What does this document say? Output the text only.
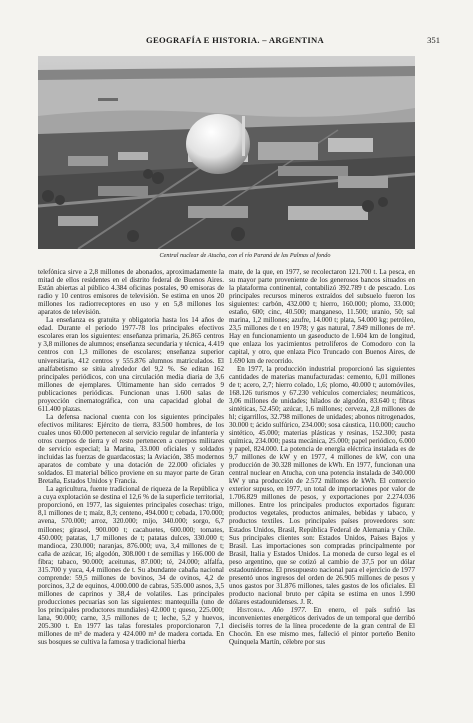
GEOGRAFÍA E HISTORIA. – ARGENTINA	351
Central nuclear de Atucha, con el río Paraná de las Palmas al fondo

telefónica sirve a 2,8 millones de abonados, aproximadamente la mitad de ellos residentes en el distrito federal de Buenos Aires. Están abiertas al público 4.384 oficinas postales, 90 emisoras de radio y 10 centros emisores de televisión. Se estima en unos 20 millones los radiorreceptores en uso y en 5,8 millones los aparatos de televisión.

La enseñanza es gratuita y obligatoria hasta los 14 años de edad. Durante el período 1977-78 los principales efectivos escolares eran los siguientes: enseñanza primaria, 26.865 centros y 3,8 millones de alumnos; enseñanza secundaria y técnica, 4.419 centros con 1,3 millones de escolares; enseñanza superior universitaria, 412 centros y 555.876 alumnos matriculados. El analfabetismo se sitúa alrededor del 9,2 %. Se editan 162 principales periódicos, con una circulación media diaria de 3,6 millones de ejemplares. Últimamente han sido cerrados 9 publicaciones periódicas. Funcionan unas 1.600 salas de proyección cinematográfica, con una capacidad global de 611.400 plazas.

La defensa nacional cuenta con los siguientes principales efectivos militares: Ejército de tierra, 83.500 hombres, de los cuales unos 60.000 pertenecen al servicio regular de infantería y otros cuerpos de tierra y el resto pertenecen a cuerpos militares de servicio especial; la Marina, 33.000 oficiales y soldados incluidas las fuerzas de guardacostas; la Aviación, 385 modernos aparatos de combate y una dotación de 22.000 oficiales y soldados. El material bélico proviene en su mayor parte de Gran Bretaña, Estados Unidos y Francia.

La agricultura, fuente tradicional de riqueza de la República y a cuya explotación se destina el 12,6 % de la superficie territorial, proporcionó, en 1977, las siguientes principales cosechas: trigo, 8,1 millones de t; maíz, 8,3; centeno, 494.000 t; cebada, 170.000; avena, 570.000; arroz, 320.000; mijo, 340.000; sorgo, 6,7 millones; girasol, 900.000 t; cacahuetes, 600.000; tomates, 450.000; patatas, 1,7 millones de t; patatas dulces, 330.000 t; mandioca, 230.000; naranjas, 876.000; uva, 3,4 millones de t; caña de azúcar, 16; algodón, 308.000 t de semillas y 166.000 de fibra; tabaco, 90.000; aceitunas, 87.000; té, 24.000; alfalfa, 315.700 y yuca, 4,4 millones de t. Su abundante cabaña nacional comprende: 59,5 millones de bovinos, 34 de ovinos, 4,2 de porcinos, 3,2 de equinos, 4.000.000 de cabras, 535.000 asnos, 3,5 millones de caprinos y 38,4 de volatiles. Las principales producciones pecuarias son las siguientes: mantequilla (uno de los principales productores mundiales) 42.000 t; queso, 225.000; lana, 90.000; carne, 3,5 millones de t; leche, 5,2 y huevos, 205.300 t. En 1977 las talas forestales proporcionaron 7,1 millones de m³ de madera y 424.000 m³ de madera cortada. En sus bosques se cultiva la famosa y tradicional hierba

mate, de la que, en 1977, se recolectaron 121.700 t. La pesca, en su mayor parte proveniente de los generosos bancos situados en la plataforma continental, contabilizó 392.789 t de pescado. Los principales recursos mineros extraídos del subsuelo fueron los siguientes: carbón, 432.000 t; hierro, 160.000; plomo, 33.000; estaño, 600; cinc, 40.500; manganeso, 11.500; uranio, 50; sal marina, 1,2 millones; azufre, 14.000 t; plata, 54.000 kg; petróleo, 23,5 millones de t en 1978; y gas natural, 7.849 millones de m³. Hay en funcionamiento un gaseoducto de 1.604 km de longitud, que enlaza los yacimientos petrolíferos de Comodoro con la capital, y otro, que enlaza Pico Truncado con Buenos Aires, de 1.690 km de recorrido.

En 1977, la producción industrial proporcionó las siguientes cantidades de materias manufacturadas: cemento, 6,01 millones de t; acero, 2,7; hierro colado, 1,6; plomo, 40.000 t; automóviles, 168.126 turismos y 67.230 vehículos comerciales; neumáticos, 3,06 millones de unidades; hilados de algodón, 83.640 t; fibras sintéticas, 52.450; azúcar, 1,6 millones; cerveza, 2,8 millones de hl; cigarrillos, 32.798 millones de unidades; abonos nitrogenados, 30.000 t; ácido sulfúrico, 234.000; sosa cáustica, 110.000; caucho sintético, 45.000; materias plásticas y resinas, 152.300; pasta química, 234.000; pasta mecánica, 25.000; papel periódico, 6.000 y papel, 824.000. La potencia de energía eléctrica instalada es de 9,7 millones de kW y en 1977, 4 millones de kW, con una producción de 30.328 millones de kWh. En 1977, funcionan una central nuclear en Atucha, con una potencia instalada de 340.000 kW y una producción de 2.572 millones de kWh. El comercio exterior supuso, en 1977, un total de importaciones por valor de 1.706.829 millones de pesos, y exportaciones por 2.274.036 millones. Entre los principales productos exportados figuran: productos vegetales, productos animales, bebidas y tabaco, y productos textiles. Los principales países proveedores son: Estados Unidos, Brasil, República Federal de Alemania y Chile. Sus principales clientes son: Estados Unidos, Países Bajos y Brasil. Las importaciones son compradas principalmente por Brasil, Italia y Estados Unidos. La moneda de curso legal es el peso argentino, que se cotizó al cambio de 37,5 por un dólar estadounidense. El presupuesto nacional para el ejercicio de 1977 presentó unos ingresos del orden de 26.905 millones de pesos y unos gastos por 31.876 millones, tales gastos de los oficiales. El producto nacional bruto per cápita se estima en unos 1.990 dólares estadounidenses. J. R.

Historia. Año 1977. En enero, el país sufrió las inconvenientes energéticos derivados de un temporal que derribó dieciséis torres de la línea procedente de la gran central de El Chocón. En ese mismo mes, falleció el pintor porteño Benito Quinquela Martín, célebre por sus
